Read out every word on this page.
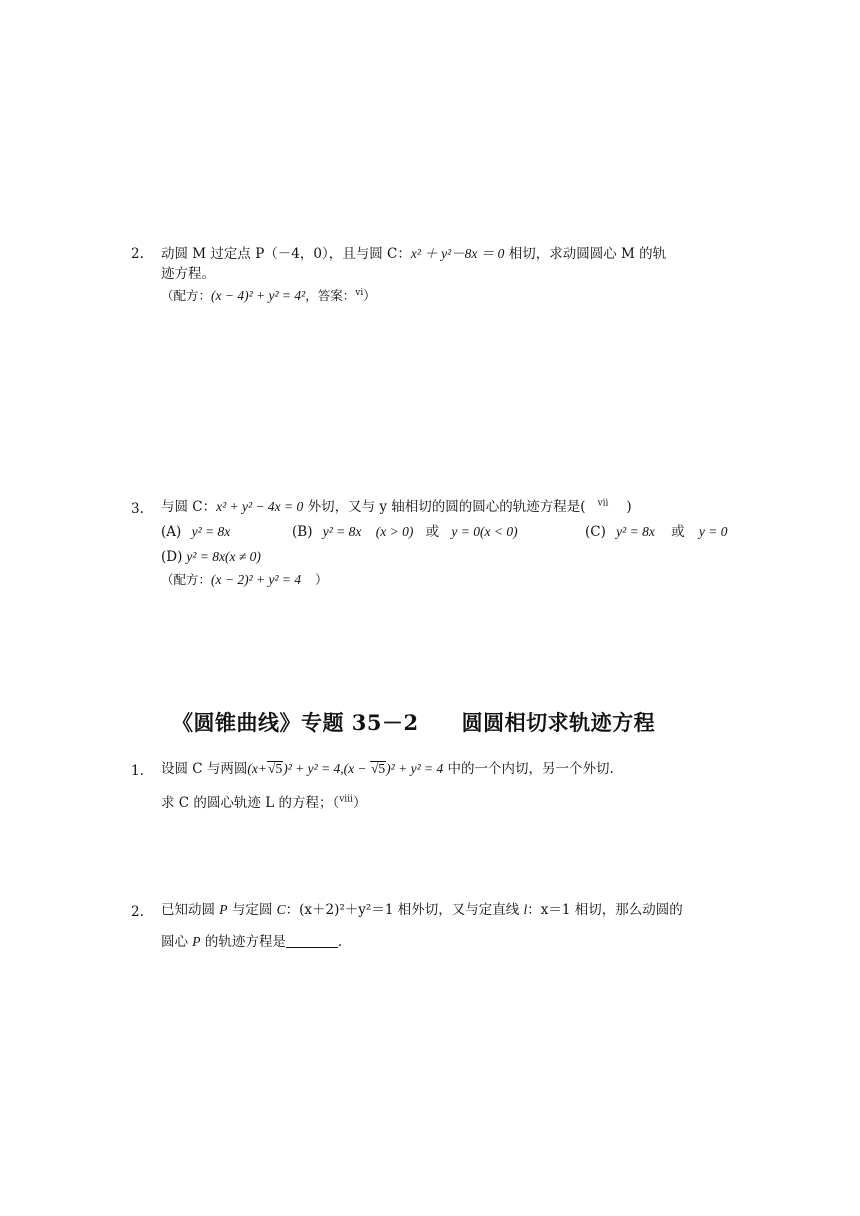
2. 动圆 M 过定点 P（－4，0），且与圆 C：x² ＋ y²－8x ＝ 0 相切，求动圆圆心 M 的轨
迹方程。
（配方：(x − 4)² + y² = 4²，答案：$^{vi}$）
3. 与圆 C：x² + y² − 4x = 0 外切，又与 y 轴相切的圆的圆心的轨迹方程是( $^{vii}$ )
(A) y² = 8x	(B) y² = 8x (x > 0) 或 y = 0(x < 0)	(C) y² = 8x 或 y = 0
(D) y² = 8x(x ≠ 0)
（配方：(x − 2)² + y² = 4 ）
《圆锥曲线》专题 35－2　　圆圆相切求轨迹方程
1. 设圆 C 与两圆(x+√5)² + y² = 4,(x − √5)² + y² = 4 中的一个内切，另一个外切.
求 C 的圆心轨迹 L 的方程；（$^{viii}$）
2. 已知动圆 P 与定圆 C：(x＋2)²＋y²＝1 相外切，又与定直线 l：x＝1 相切，那么动圆的
圆心 P 的轨迹方程是	.
